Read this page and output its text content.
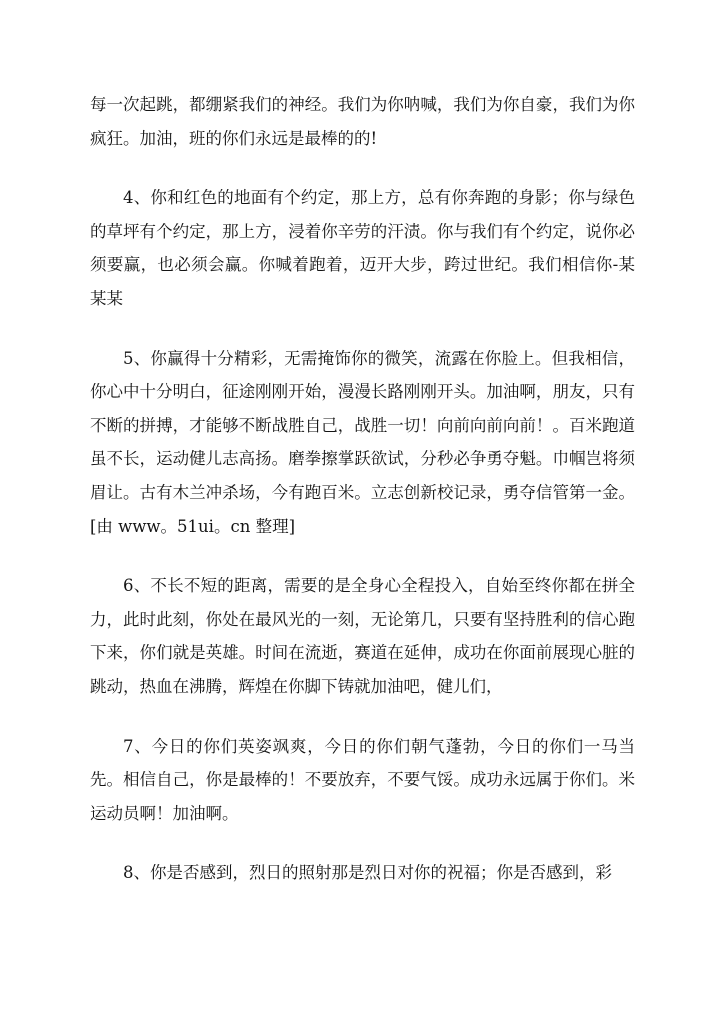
每一次起跳，都绷紧我们的神经。我们为你呐喊，我们为你自豪，我们为你疯狂。加油，班的你们永远是最棒的的!

4、你和红色的地面有个约定，那上方，总有你奔跑的身影；你与绿色的草坪有个约定，那上方，浸着你辛劳的汗渍。你与我们有个约定，说你必须要赢，也必须会赢。你喊着跑着，迈开大步，跨过世纪。我们相信你-某某某

5、你赢得十分精彩，无需掩饰你的微笑，流露在你脸上。但我相信，你心中十分明白，征途刚刚开始，漫漫长路刚刚开头。加油啊，朋友，只有不断的拼搏，才能够不断战胜自己，战胜一切！向前向前向前！。百米跑道虽不长，运动健儿志高扬。磨拳擦掌跃欲试，分秒必争勇夺魁。巾帼岂将须眉让。古有木兰冲杀场，今有跑百米。立志创新校记录，勇夺信管第一金。[由 www。51ui。cn 整理]

6、不长不短的距离，需要的是全身心全程投入，自始至终你都在拼全力，此时此刻，你处在最风光的一刻，无论第几，只要有坚持胜利的信心跑下来，你们就是英雄。时间在流逝，赛道在延伸，成功在你面前展现心脏的跳动，热血在沸腾，辉煌在你脚下铸就加油吧，健儿们，

7、今日的你们英姿飒爽，今日的你们朝气蓬勃，今日的你们一马当先。相信自己，你是最棒的！不要放弃，不要气馁。成功永远属于你们。米运动员啊！加油啊。

8、你是否感到，烈日的照射那是烈日对你的祝福；你是否感到，彩
